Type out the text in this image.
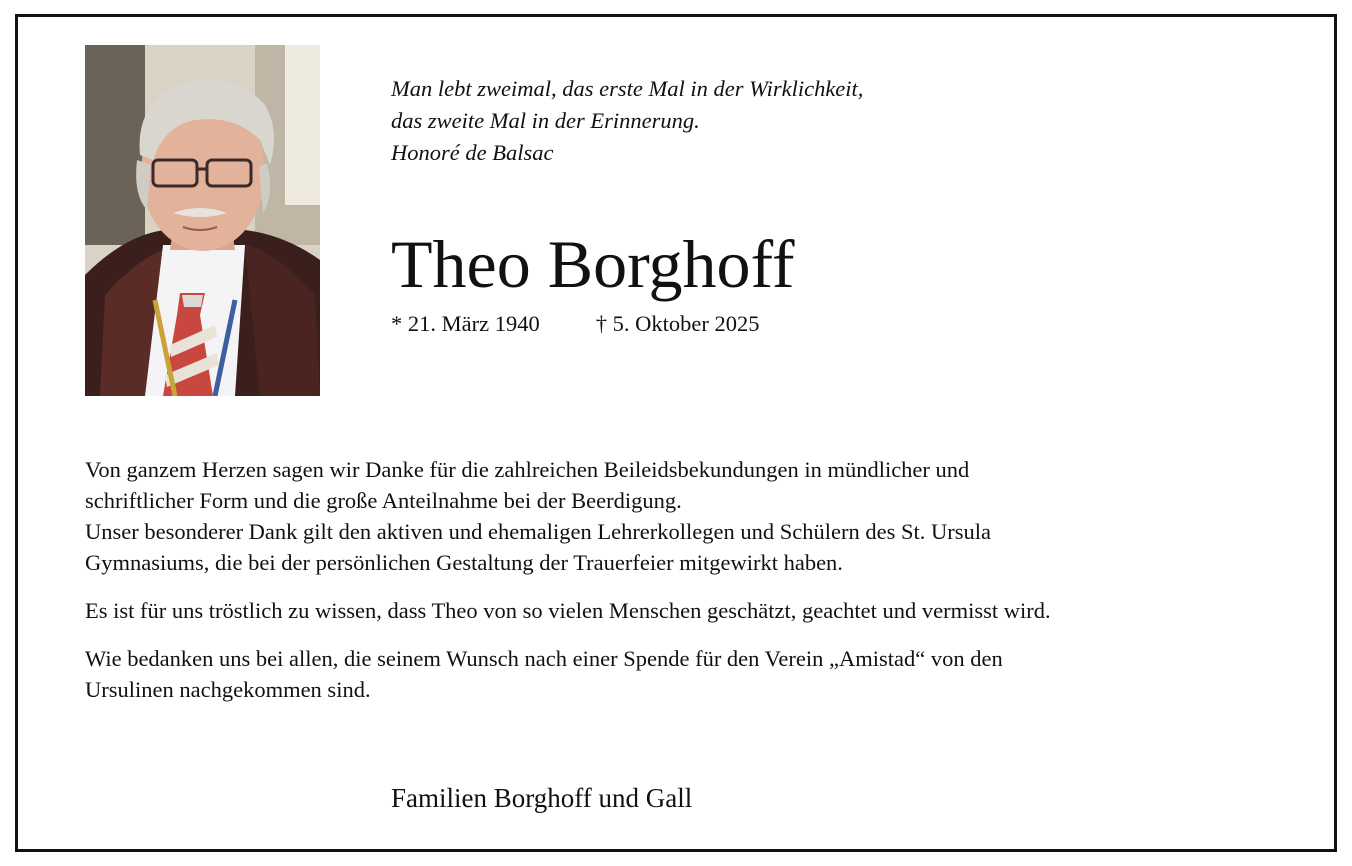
Man lebt zweimal, das erste Mal in der Wirklichkeit,
das zweite Mal in der Erinnerung.
Honoré de Balsac
Theo Borghoff
* 21. März 1940 † 5. Oktober 2025

Von ganzem Herzen sagen wir Danke für die zahlreichen Beileidsbekundungen in mündlicher und

schriftlicher Form und die große Anteilnahme bei der Beerdigung.

Unser besonderer Dank gilt den aktiven und ehemaligen Lehrerkollegen und Schülern des St. Ursula

Gymnasiums, die bei der persönlichen Gestaltung der Trauerfeier mitgewirkt haben.

Es ist für uns tröstlich zu wissen, dass Theo von so vielen Menschen geschätzt, geachtet und vermisst wird.

Wie bedanken uns bei allen, die seinem Wunsch nach einer Spende für den Verein „Amistad“ von den

Ursulinen nachgekommen sind.

Familien Borghoff und Gall
